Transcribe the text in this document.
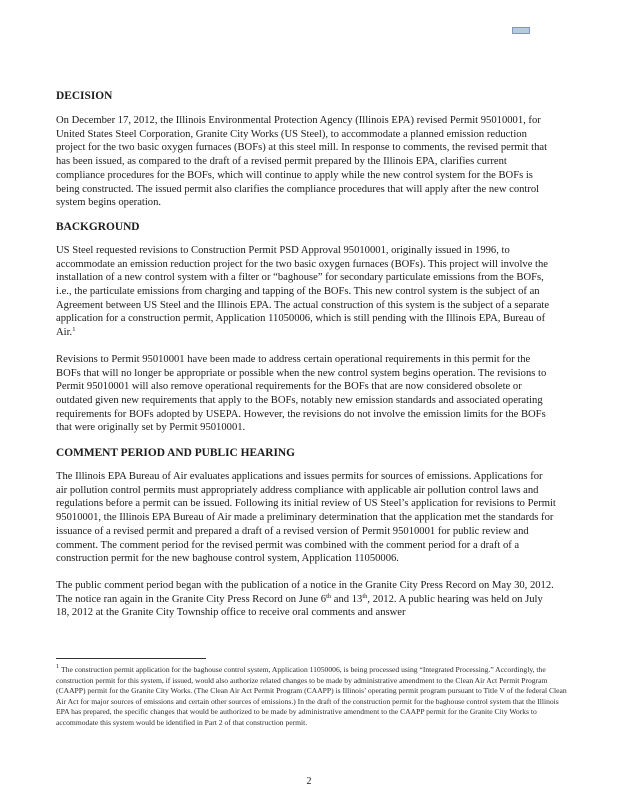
DECISION

On December 17, 2012, the Illinois Environmental Protection Agency (Illinois EPA) revised Permit 95010001, for United States Steel Corporation, Granite City Works (US Steel), to accommodate a planned emission reduction project for the two basic oxygen furnaces (BOFs) at this steel mill. In response to comments, the revised permit that has been issued, as compared to the draft of a revised permit prepared by the Illinois EPA, clarifies current compliance procedures for the BOFs, which will continue to apply while the new control system for the BOFs is being constructed. The issued permit also clarifies the compliance procedures that will apply after the new control system begins operation.

BACKGROUND

US Steel requested revisions to Construction Permit PSD Approval 95010001, originally issued in 1996, to accommodate an emission reduction project for the two basic oxygen furnaces (BOFs). This project will involve the installation of a new control system with a filter or “baghouse” for secondary particulate emissions from the BOFs, i.e., the particulate emissions from charging and tapping of the BOFs. This new control system is the subject of an Agreement between US Steel and the Illinois EPA. The actual construction of this system is the subject of a separate application for a construction permit, Application 11050006, which is still pending with the Illinois EPA, Bureau of Air.$^1$

Revisions to Permit 95010001 have been made to address certain operational requirements in this permit for the BOFs that will no longer be appropriate or possible when the new control system begins operation. The revisions to Permit 95010001 will also remove operational requirements for the BOFs that are now considered obsolete or outdated given new requirements that apply to the BOFs, notably new emission standards and associated operating requirements for BOFs adopted by USEPA. However, the revisions do not involve the emission limits for the BOFs that were originally set by Permit 95010001.

COMMENT PERIOD AND PUBLIC HEARING

The Illinois EPA Bureau of Air evaluates applications and issues permits for sources of emissions. Applications for air pollution control permits must appropriately address compliance with applicable air pollution control laws and regulations before a permit can be issued. Following its initial review of US Steel’s application for revisions to Permit 95010001, the Illinois EPA Bureau of Air made a preliminary determination that the application met the standards for issuance of a revised permit and prepared a draft of a revised version of Permit 95010001 for public review and comment. The comment period for the revised permit was combined with the comment period for a draft of a construction permit for the new baghouse control system, Application 11050006.

The public comment period began with the publication of a notice in the Granite City Press Record on May 30, 2012. The notice ran again in the Granite City Press Record on June 6th and 13th, 2012. A public hearing was held on July 18, 2012 at the Granite City Township office to receive oral comments and answer

$^1$ The construction permit application for the baghouse control system, Application 11050006, is being processed using “Integrated Processing.” Accordingly, the construction permit for this system, if issued, would also authorize related changes to be made by administrative amendment to the Clean Air Act Permit Program (CAAPP) permit for the Granite City Works. (The Clean Air Act Permit Program (CAAPP) is Illinois’ operating permit program pursuant to Title V of the federal Clean Air Act for major sources of emissions and certain other sources of emissions.) In the draft of the construction permit for the baghouse control system that the Illinois EPA has prepared, the specific changes that would be authorized to be made by administrative amendment to the CAAPP permit for the Granite City Works to accommodate this system would be identified in Part 2 of that construction permit.
2
